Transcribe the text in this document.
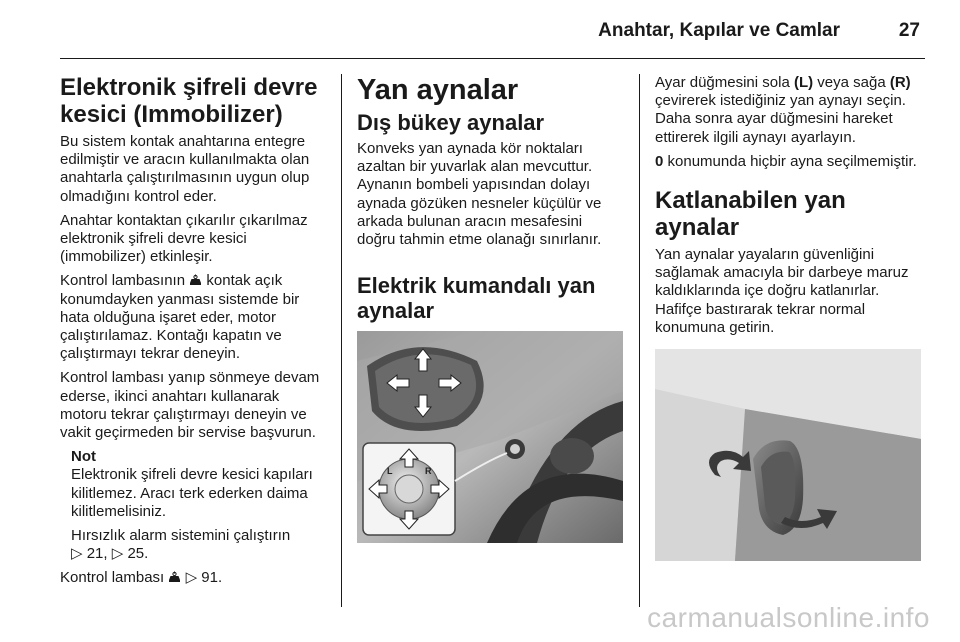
Anahtar, Kapılar ve Camlar	27
Elektronik şifreli devre kesici (Immobilizer)

Bu sistem kontak anahtarına entegre edilmiştir ve aracın kullanılmakta olan anahtarla çalıştırılmasının uygun olup olmadığını kontrol eder.

Anahtar kontaktan çıkarılır çıkarılmaz elektronik şifreli devre kesici (immobilizer) etkinleşir.

Kontrol lambasının kontak açık konumdayken yanması sistemde bir hata olduğuna işaret eder, motor çalıştırılamaz. Kontağı kapatın ve çalıştırmayı tekrar deneyin.

Kontrol lambası yanıp sönmeye devam ederse, ikinci anahtarı kullanarak motoru tekrar çalıştırmayı deneyin ve vakit geçirmeden bir servise başvurun.

Not

Elektronik şifreli devre kesici kapıları kilitlemez. Aracı terk ederken daima kilitlemelisiniz.

Hırsızlık alarm sistemini çalıştırın
▷ 21, ▷ 25.

Kontrol lambası ▷ 91.

Yan aynalar
Dış bükey aynalar

Konveks yan aynada kör noktaları azaltan bir yuvarlak alan mevcuttur. Aynanın bombeli yapısından dolayı aynada gözüken nesneler küçülür ve arkada bulunan aracın mesafesini doğru tahmin etme olanağı sınırlanır.

Elektrik kumandalı yan aynalar
L	R

Ayar düğmesini sola (L) veya sağa (R) çevirerek istediğiniz yan aynayı seçin. Daha sonra ayar düğmesini hareket ettirerek ilgili aynayı ayarlayın.

0 konumunda hiçbir ayna seçilmemiştir.

Katlanabilen yan aynalar

Yan aynalar yayaların güvenliğini sağlamak amacıyla bir darbeye maruz kaldıklarında içe doğru katlanırlar. Hafifçe bastırarak tekrar normal konumuna getirin.

carmanualsonline.info
